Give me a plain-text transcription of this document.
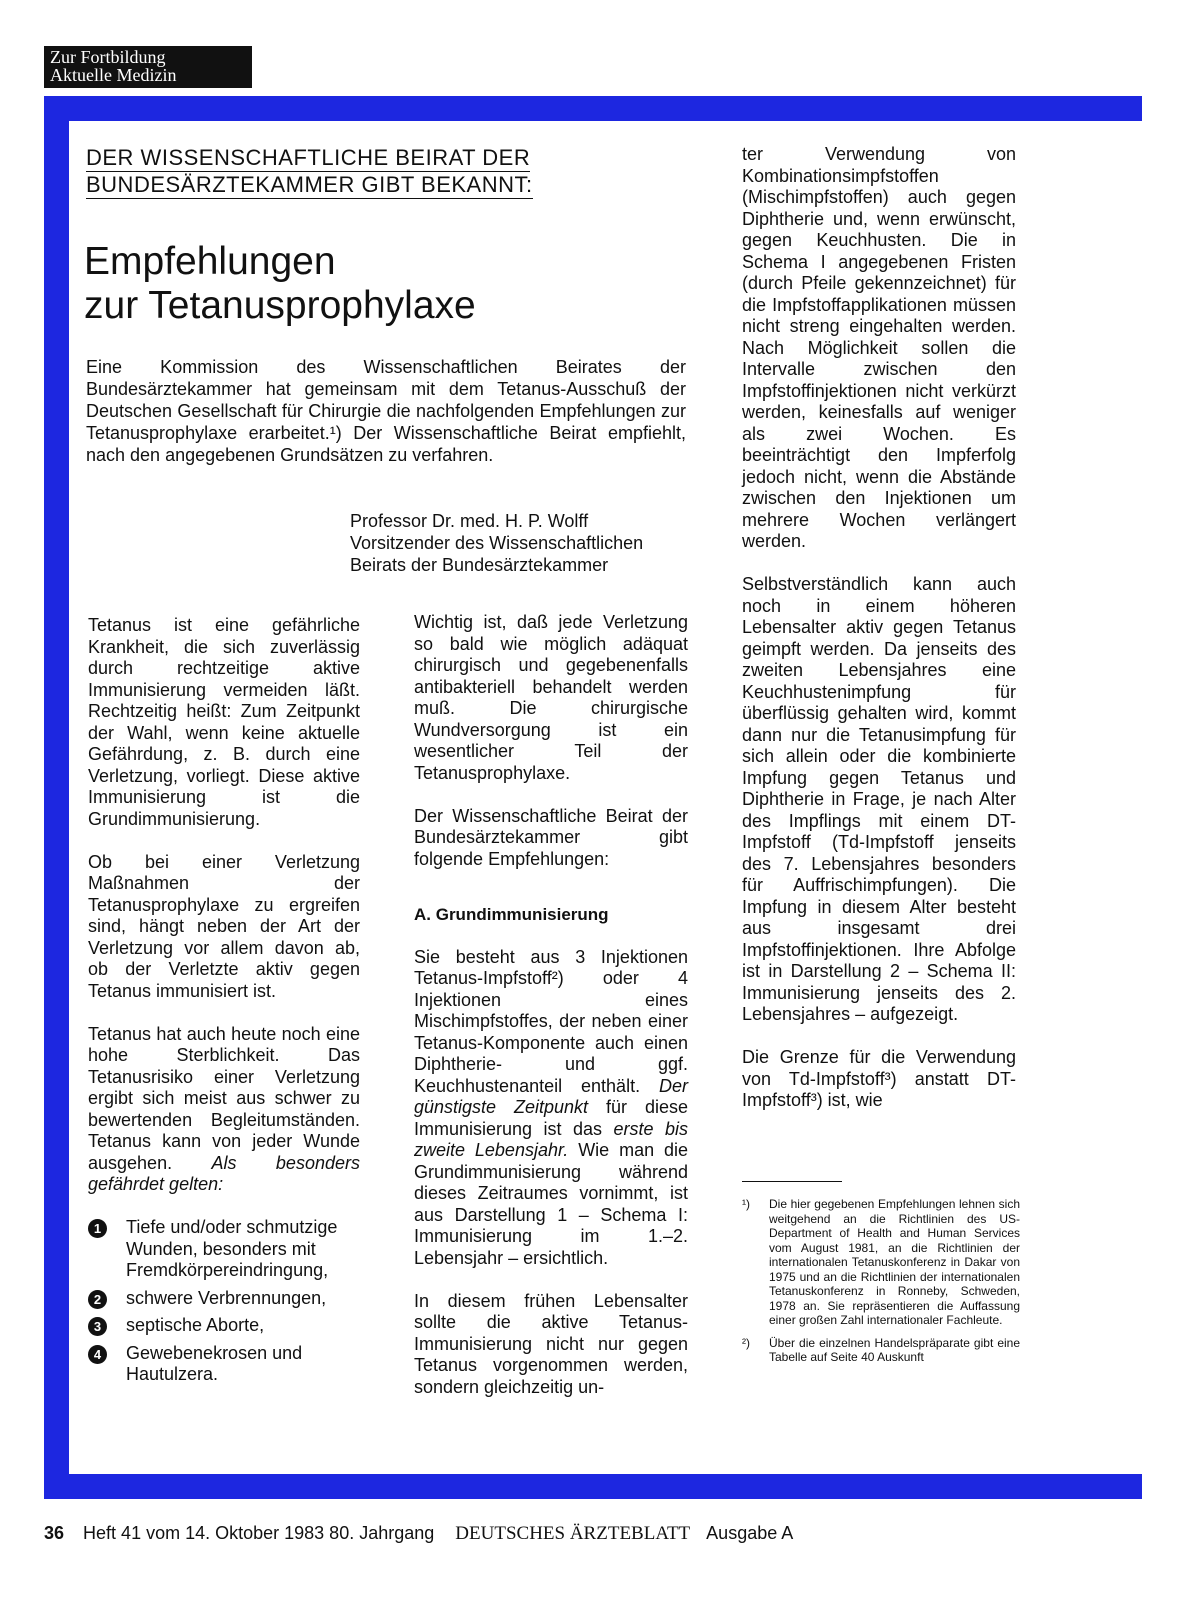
Zur Fortbildung
Aktuelle Medizin
DER WISSENSCHAFTLICHE BEIRAT DER
BUNDESÄRZTEKAMMER GIBT BEKANNT:
Empfehlungen
zur Tetanusprophylaxe
Eine Kommission des Wissenschaftlichen Beirates der Bundesärztekammer hat gemeinsam mit dem Tetanus-Ausschuß der Deutschen Gesellschaft für Chirurgie die nachfolgenden Empfehlungen zur Tetanusprophylaxe erarbeitet.¹) Der Wissenschaftliche Beirat empfiehlt, nach den angegebenen Grundsätzen zu verfahren.
Professor Dr. med. H. P. Wolff
Vorsitzender des Wissenschaftlichen
Beirats der Bundesärztekammer

Tetanus ist eine gefährliche Krankheit, die sich zuverlässig durch rechtzeitige aktive Immunisierung vermeiden läßt. Rechtzeitig heißt: Zum Zeitpunkt der Wahl, wenn keine aktuelle Gefährdung, z. B. durch eine Verletzung, vorliegt. Diese aktive Immunisierung ist die Grundimmunisierung.

Ob bei einer Verletzung Maßnahmen der Tetanusprophylaxe zu ergreifen sind, hängt neben der Art der Verletzung vor allem davon ab, ob der Verletzte aktiv gegen Tetanus immunisiert ist.

Tetanus hat auch heute noch eine hohe Sterblichkeit. Das Tetanusrisiko einer Verletzung ergibt sich meist aus schwer zu bewertenden Begleitumständen. Tetanus kann von jeder Wunde ausgehen. Als besonders gefährdet gelten:

1	Tiefe und/oder schmutzige Wunden, besonders mit Fremdkörpereindringung,
2	schwere Verbrennungen,
3	septische Aborte,
4	Gewebenekrosen und Hautulzera.

Wichtig ist, daß jede Verletzung so bald wie möglich adäquat chirurgisch und gegebenenfalls antibakteriell behandelt werden muß. Die chirurgische Wundversorgung ist ein wesentlicher Teil der Tetanusprophylaxe.

Der Wissenschaftliche Beirat der Bundesärztekammer gibt folgende Empfehlungen:

A. Grundimmunisierung

Sie besteht aus 3 Injektionen Tetanus-Impfstoff²) oder 4 Injektionen eines Mischimpfstoffes, der neben einer Tetanus-Komponente auch einen Diphtherie- und ggf. Keuchhustenanteil enthält. Der günstigste Zeitpunkt für diese Immunisierung ist das erste bis zweite Lebensjahr. Wie man die Grundimmunisierung während dieses Zeitraumes vornimmt, ist aus Darstellung 1 – Schema I: Immunisierung im 1.–2. Lebensjahr – ersichtlich.

In diesem frühen Lebensalter sollte die aktive Tetanus-Immunisierung nicht nur gegen Tetanus vorgenommen werden, sondern gleichzeitig un-

ter Verwendung von Kombinationsimpfstoffen (Mischimpfstoffen) auch gegen Diphtherie und, wenn erwünscht, gegen Keuchhusten. Die in Schema I angegebenen Fristen (durch Pfeile gekennzeichnet) für die Impfstoffapplikationen müssen nicht streng eingehalten werden. Nach Möglichkeit sollen die Intervalle zwischen den Impfstoffinjektionen nicht verkürzt werden, keinesfalls auf weniger als zwei Wochen. Es beeinträchtigt den Impferfolg jedoch nicht, wenn die Abstände zwischen den Injektionen um mehrere Wochen verlängert werden.

Selbstverständlich kann auch noch in einem höheren Lebensalter aktiv gegen Tetanus geimpft werden. Da jenseits des zweiten Lebensjahres eine Keuchhustenimpfung für überflüssig gehalten wird, kommt dann nur die Tetanusimpfung für sich allein oder die kombinierte Impfung gegen Tetanus und Diphtherie in Frage, je nach Alter des Impflings mit einem DT-Impfstoff (Td-Impfstoff jenseits des 7. Lebensjahres besonders für Auffrischimpfungen). Die Impfung in diesem Alter besteht aus insgesamt drei Impfstoffinjektionen. Ihre Abfolge ist in Darstellung 2 – Schema II: Immunisierung jenseits des 2. Lebensjahres – aufgezeigt.

Die Grenze für die Verwendung von Td-Impfstoff³) anstatt DT-Impfstoff³) ist, wie

¹)	Die hier gegebenen Empfehlungen lehnen sich weitgehend an die Richtlinien des US-Department of Health and Human Services vom August 1981, an die Richtlinien der internationalen Tetanuskonferenz in Dakar von 1975 und an die Richtlinien der internationalen Tetanuskonferenz in Ronneby, Schweden, 1978 an. Sie repräsentieren die Auffassung einer großen Zahl internationaler Fachleute.
²)	Über die einzelnen Handelspräparate gibt eine Tabelle auf Seite 40 Auskunft
36 Heft 41 vom 14. Oktober 1983 80. Jahrgang DEUTSCHES ÄRZTEBLATT Ausgabe A
